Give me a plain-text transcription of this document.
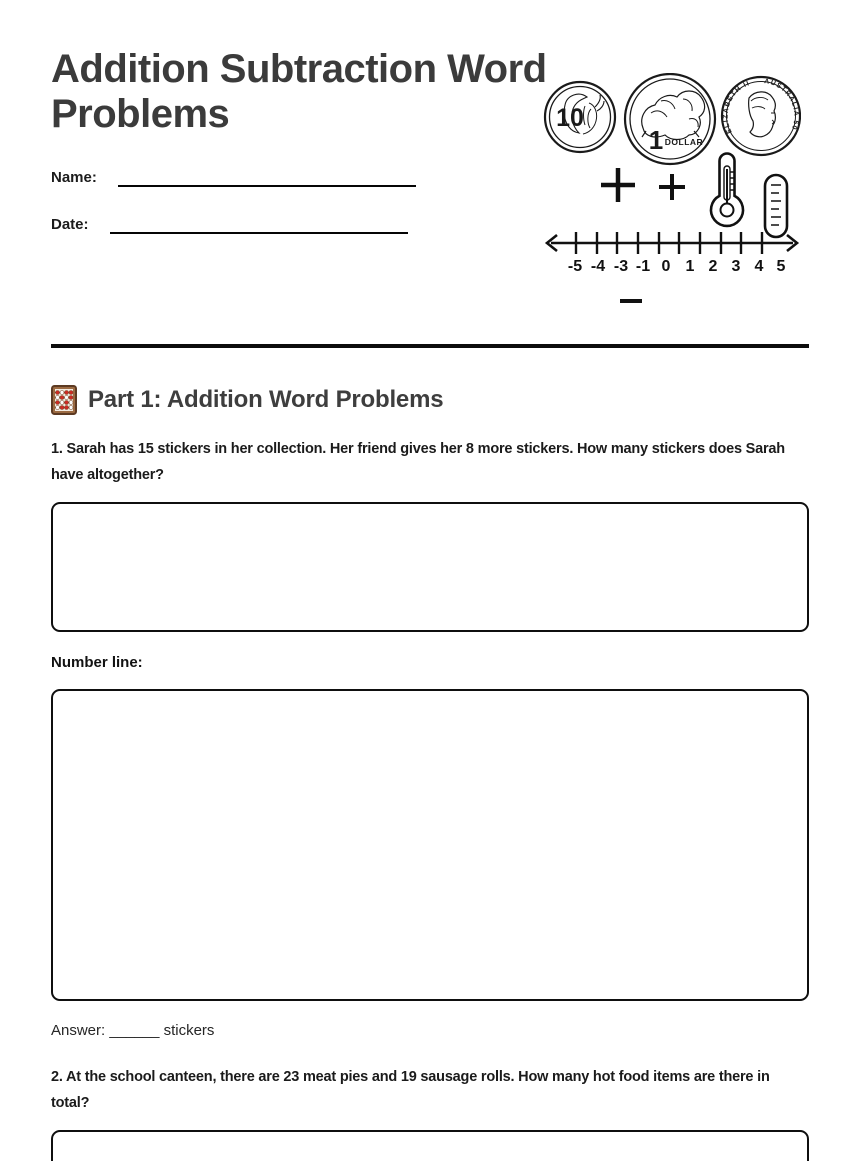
Addition Subtraction Word Problems
Name:
Date:
10
1 DOLLAR
ELIZABETH II AUSTRALIA 50
-5 -4 -3 -1 0 1 2 3 4 5
Part 1: Addition Word Problems

1. Sarah has 15 stickers in her collection. Her friend gives her 8 more stickers. How many stickers does Sarah have altogether?

Number line:

Answer: ______ stickers

2. At the school canteen, there are 23 meat pies and 19 sausage rolls. How many hot food items are there in total?
